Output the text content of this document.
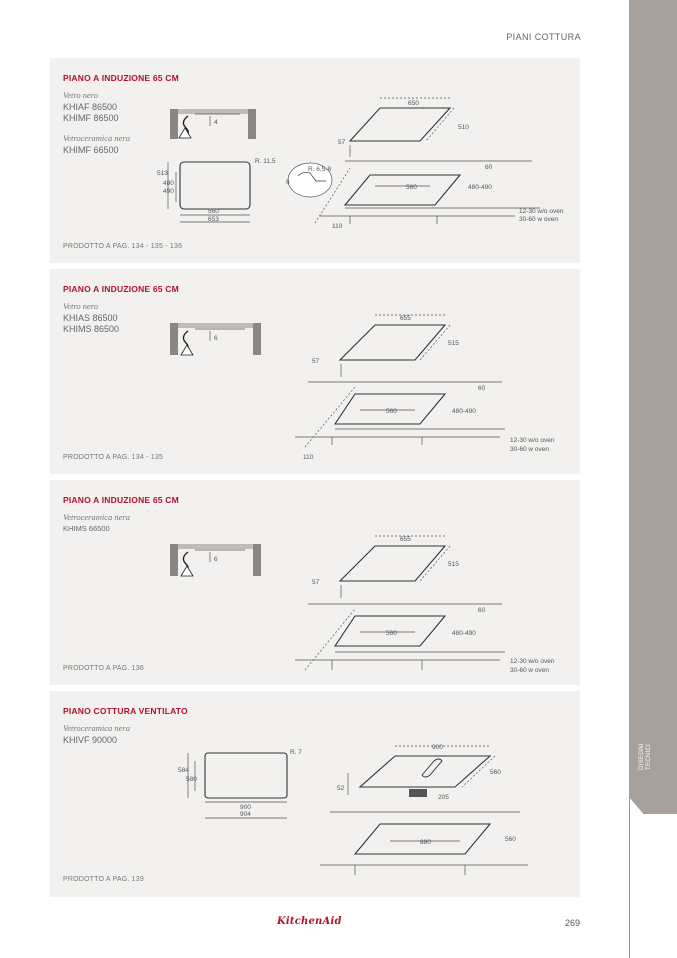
PIANI COTTURA
DISEGNI TECNICI
PIANO A INDUZIONE 65 CM
Vetro nero
KHIAF 86500
KHIMF 86500
Vetroceramica nera
KHIMF 66500
PRODOTTO A PAG. 134 - 135 - 136
4
513
480
490
560
653
R. 11,5
650
510
57
60
560	480-490
R. 6,5-8
6
110
12-30 w/o oven
30-60 w oven
PIANO A INDUZIONE 65 CM
Vetro nero
KHIAS 86500
KHIMS 86500
PRODOTTO A PAG. 134 - 135
6
655
515
57
60
560	480-490
110
12-30 w/o oven
30-60 w oven
PIANO A INDUZIONE 65 CM
Vetroceramica nera
KHIMS 66500
PRODOTTO A PAG. 136
6
655
515
57
60
560	480-490
12-30 w/o oven
30-60 w oven
PIANO COTTURA VENTILATO
Vetroceramica nera
KHIVF 90000
PRODOTTO A PAG. 139
R. 7
584
580
900
904
900
560
52
205
880	560
KitchenAid	269
